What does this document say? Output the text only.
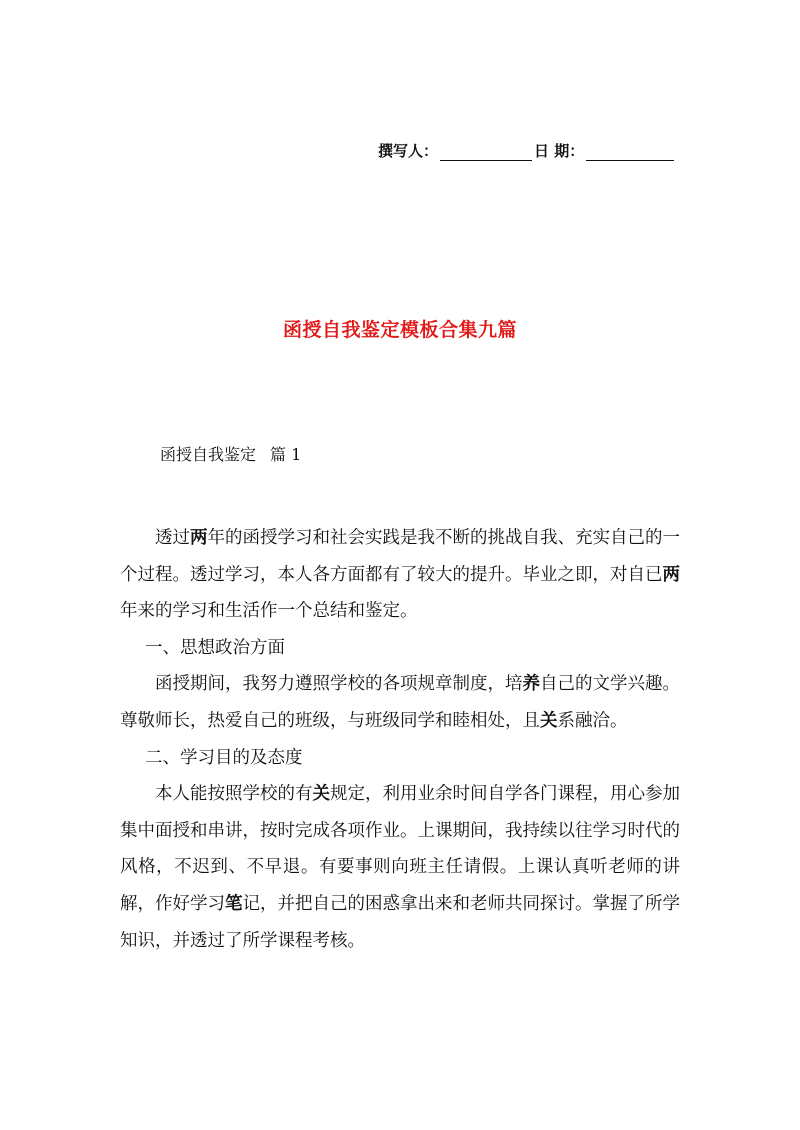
撰写人：	日 期：
函授自我鉴定模板合集九篇
函授自我鉴定 篇 1

透过两年的函授学习和社会实践是我不断的挑战自我、充实自己的一个过程。透过学习，本人各方面都有了较大的提升。毕业之即，对自已两年来的学习和生活作一个总结和鉴定。

一、思想政治方面

函授期间，我努力遵照学校的各项规章制度，培养自己的文学兴趣。尊敬师长，热爱自己的班级，与班级同学和睦相处，且关系融洽。

二、学习目的及态度

本人能按照学校的有关规定，利用业余时间自学各门课程，用心参加集中面授和串讲，按时完成各项作业。上课期间，我持续以往学习时代的风格，不迟到、不早退。有要事则向班主任请假。上课认真听老师的讲解，作好学习笔记，并把自己的困惑拿出来和老师共同探讨。掌握了所学知识，并透过了所学课程考核。
